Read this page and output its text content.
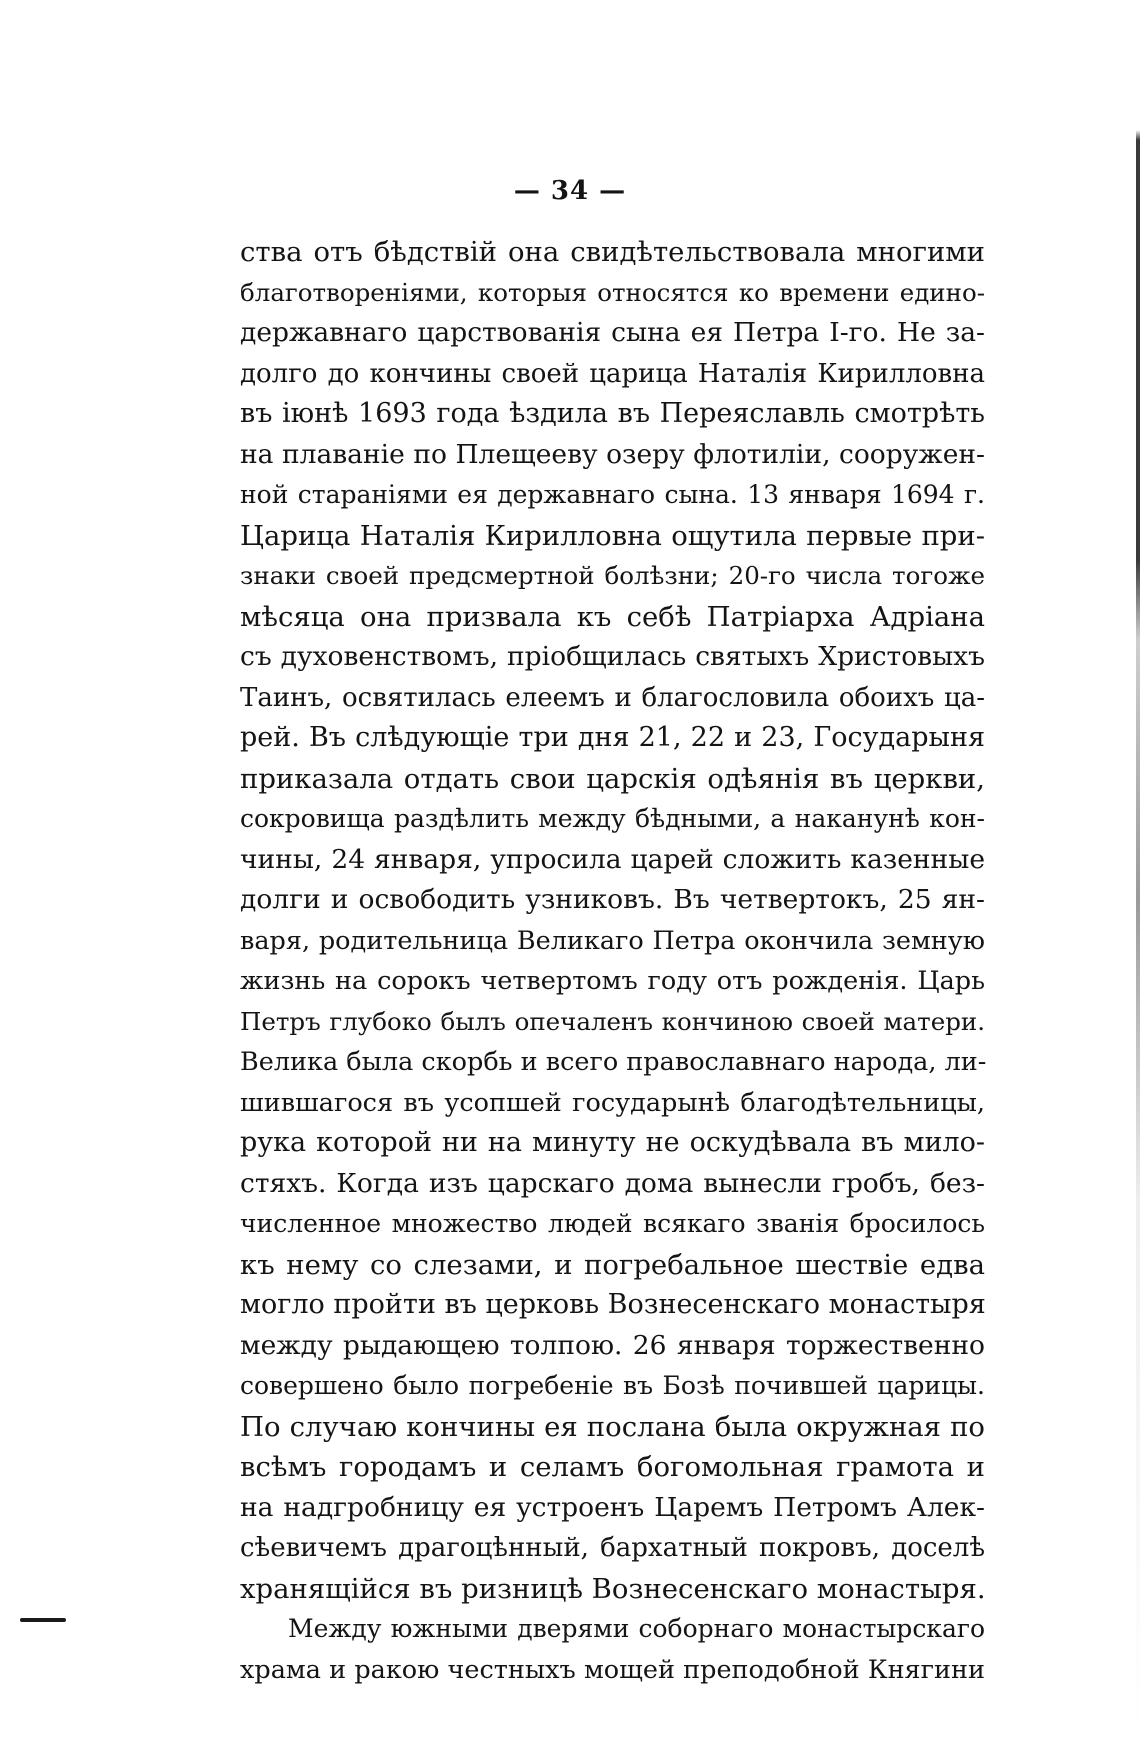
— 34 —
ства отъ бѣдствій она свидѣтельствовала многими
благотвореніями, которыя относятся ко времени едино-
державнаго царствованія сына ея Петра І-го. Не за-
долго до кончины своей царица Наталія Кирилловна
въ іюнѣ 1693 года ѣздила въ Переяславль смотрѣть
на плаваніе по Плещееву озеру флотиліи, сооружен-
ной стараніями ея державнаго сына. 13 января 1694 г.
Царица Наталія Кирилловна ощутила первые при-
знаки своей предсмертной болѣзни; 20-го числа тогоже
мѣсяца она призвала къ себѣ Патріарха Адріана
съ духовенствомъ, пріобщилась святыхъ Христовыхъ
Таинъ, освятилась елеемъ и благословила обоихъ ца-
рей. Въ слѣдующіе три дня 21, 22 и 23, Государыня
приказала отдать свои царскія одѣянія въ церкви,
сокровища раздѣлить между бѣдными, а наканунѣ кон-
чины, 24 января, упросила царей сложить казенные
долги и освободить узниковъ. Въ четвертокъ, 25 ян-
варя, родительница Великаго Петра окончила земную
жизнь на сорокъ четвертомъ году отъ рожденія. Царь
Петръ глубоко былъ опечаленъ кончиною своей матери.
Велика была скорбь и всего православнаго народа, ли-
шившагося въ усопшей государынѣ благодѣтельницы,
рука которой ни на минуту не оскудѣвала въ мило-
стяхъ. Когда изъ царскаго дома вынесли гробъ, без-
численное множество людей всякаго званія бросилось
къ нему со слезами, и погребальное шествіе едва
могло пройти въ церковь Вознесенскаго монастыря
между рыдающею толпою. 26 января торжественно
совершено было погребеніе въ Бозѣ почившей царицы.
По случаю кончины ея послана была окружная по
всѣмъ городамъ и селамъ богомольная грамота и
на надгробницу ея устроенъ Царемъ Петромъ Алек-
сѣевичемъ драгоцѣнный, бархатный покровъ, доселѣ
хранящійся въ ризницѣ Вознесенскаго монастыря.
Между южными дверями соборнаго монастырскаго
храма и ракою честныхъ мощей преподобной Княгини
